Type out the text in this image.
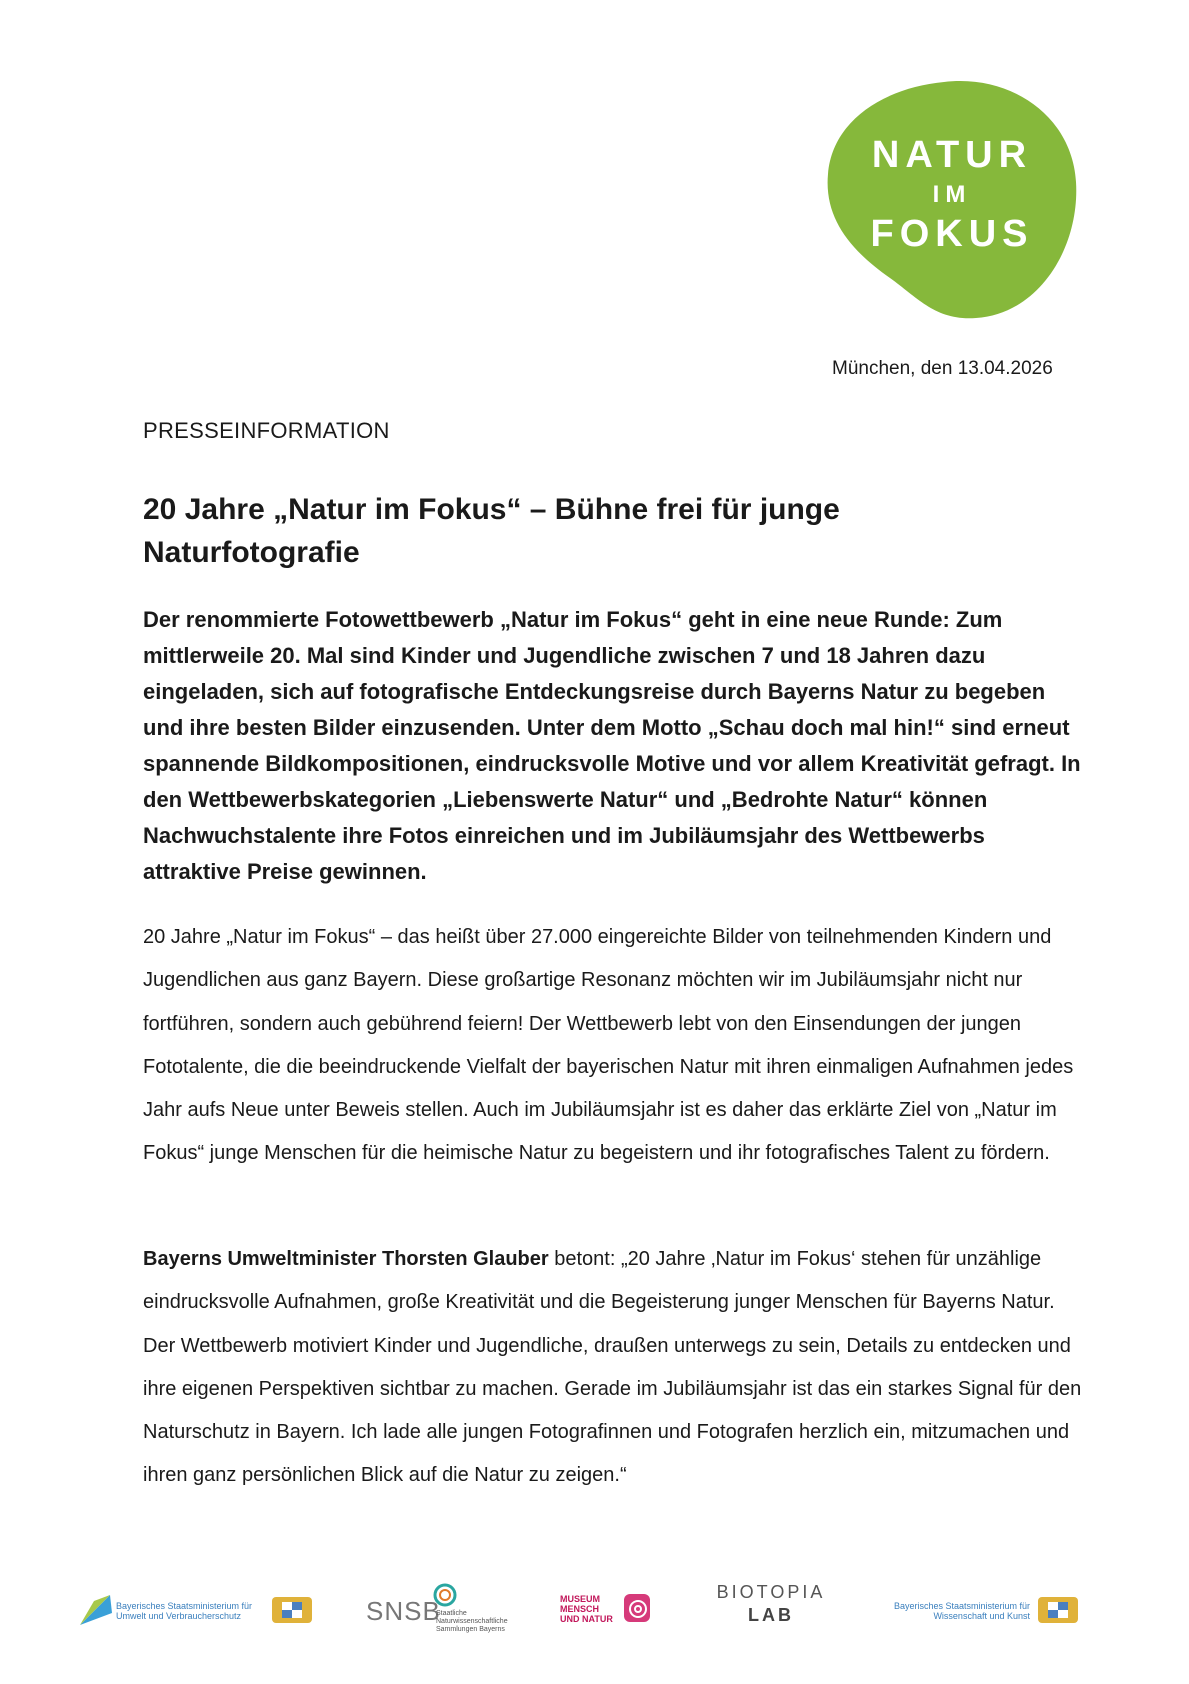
NATUR
IM
FOKUS
München, den 13.04.2026
PRESSEINFORMATION
20 Jahre „Natur im Fokus“ – Bühne frei für junge Naturfotografie
Der renommierte Fotowettbewerb „Natur im Fokus“ geht in eine neue Runde: Zum mittlerweile 20. Mal sind Kinder und Jugendliche zwischen 7 und 18 Jahren dazu eingeladen, sich auf fotografische Entdeckungsreise durch Bayerns Natur zu begeben und ihre besten Bilder einzusenden. Unter dem Motto „Schau doch mal hin!“ sind erneut spannende Bildkompositionen, eindrucksvolle Motive und vor allem Kreativität gefragt. In den Wettbewerbskategorien „Liebenswerte Natur“ und „Bedrohte Natur“ können Nachwuchstalente ihre Fotos einreichen und im Jubiläumsjahr des Wettbewerbs attraktive Preise gewinnen.
20 Jahre „Natur im Fokus“ – das heißt über 27.000 eingereichte Bilder von teilnehmenden Kindern und Jugendlichen aus ganz Bayern. Diese großartige Resonanz möchten wir im Jubiläumsjahr nicht nur fortführen, sondern auch gebührend feiern! Der Wettbewerb lebt von den Einsendungen der jungen Fototalente, die die beeindruckende Vielfalt der bayerischen Natur mit ihren einmaligen Aufnahmen jedes Jahr aufs Neue unter Beweis stellen. Auch im Jubiläumsjahr ist es daher das erklärte Ziel von „Natur im Fokus“ junge Menschen für die heimische Natur zu begeistern und ihr fotografisches Talent zu fördern.
Bayerns Umweltminister Thorsten Glauber betont: „20 Jahre ‚Natur im Fokus‘ stehen für unzählige eindrucksvolle Aufnahmen, große Kreativität und die Begeisterung junger Menschen für Bayerns Natur. Der Wettbewerb motiviert Kinder und Jugendliche, draußen unterwegs zu sein, Details zu entdecken und ihre eigenen Perspektiven sichtbar zu machen. Gerade im Jubiläumsjahr ist das ein starkes Signal für den Naturschutz in Bayern. Ich lade alle jungen Fotografinnen und Fotografen herzlich ein, mitzumachen und ihren ganz persönlichen Blick auf die Natur zu zeigen.“
Bayerisches Staatsministerium für
Umwelt und Verbraucherschutz	SNSB
Staatliche
Naturwissenschaftliche
Sammlungen Bayerns
MUSEUM
MENSCH
UND NATUR
BIOTOPIA
LAB	Bayerisches Staatsministerium für
Wissenschaft und Kunst
